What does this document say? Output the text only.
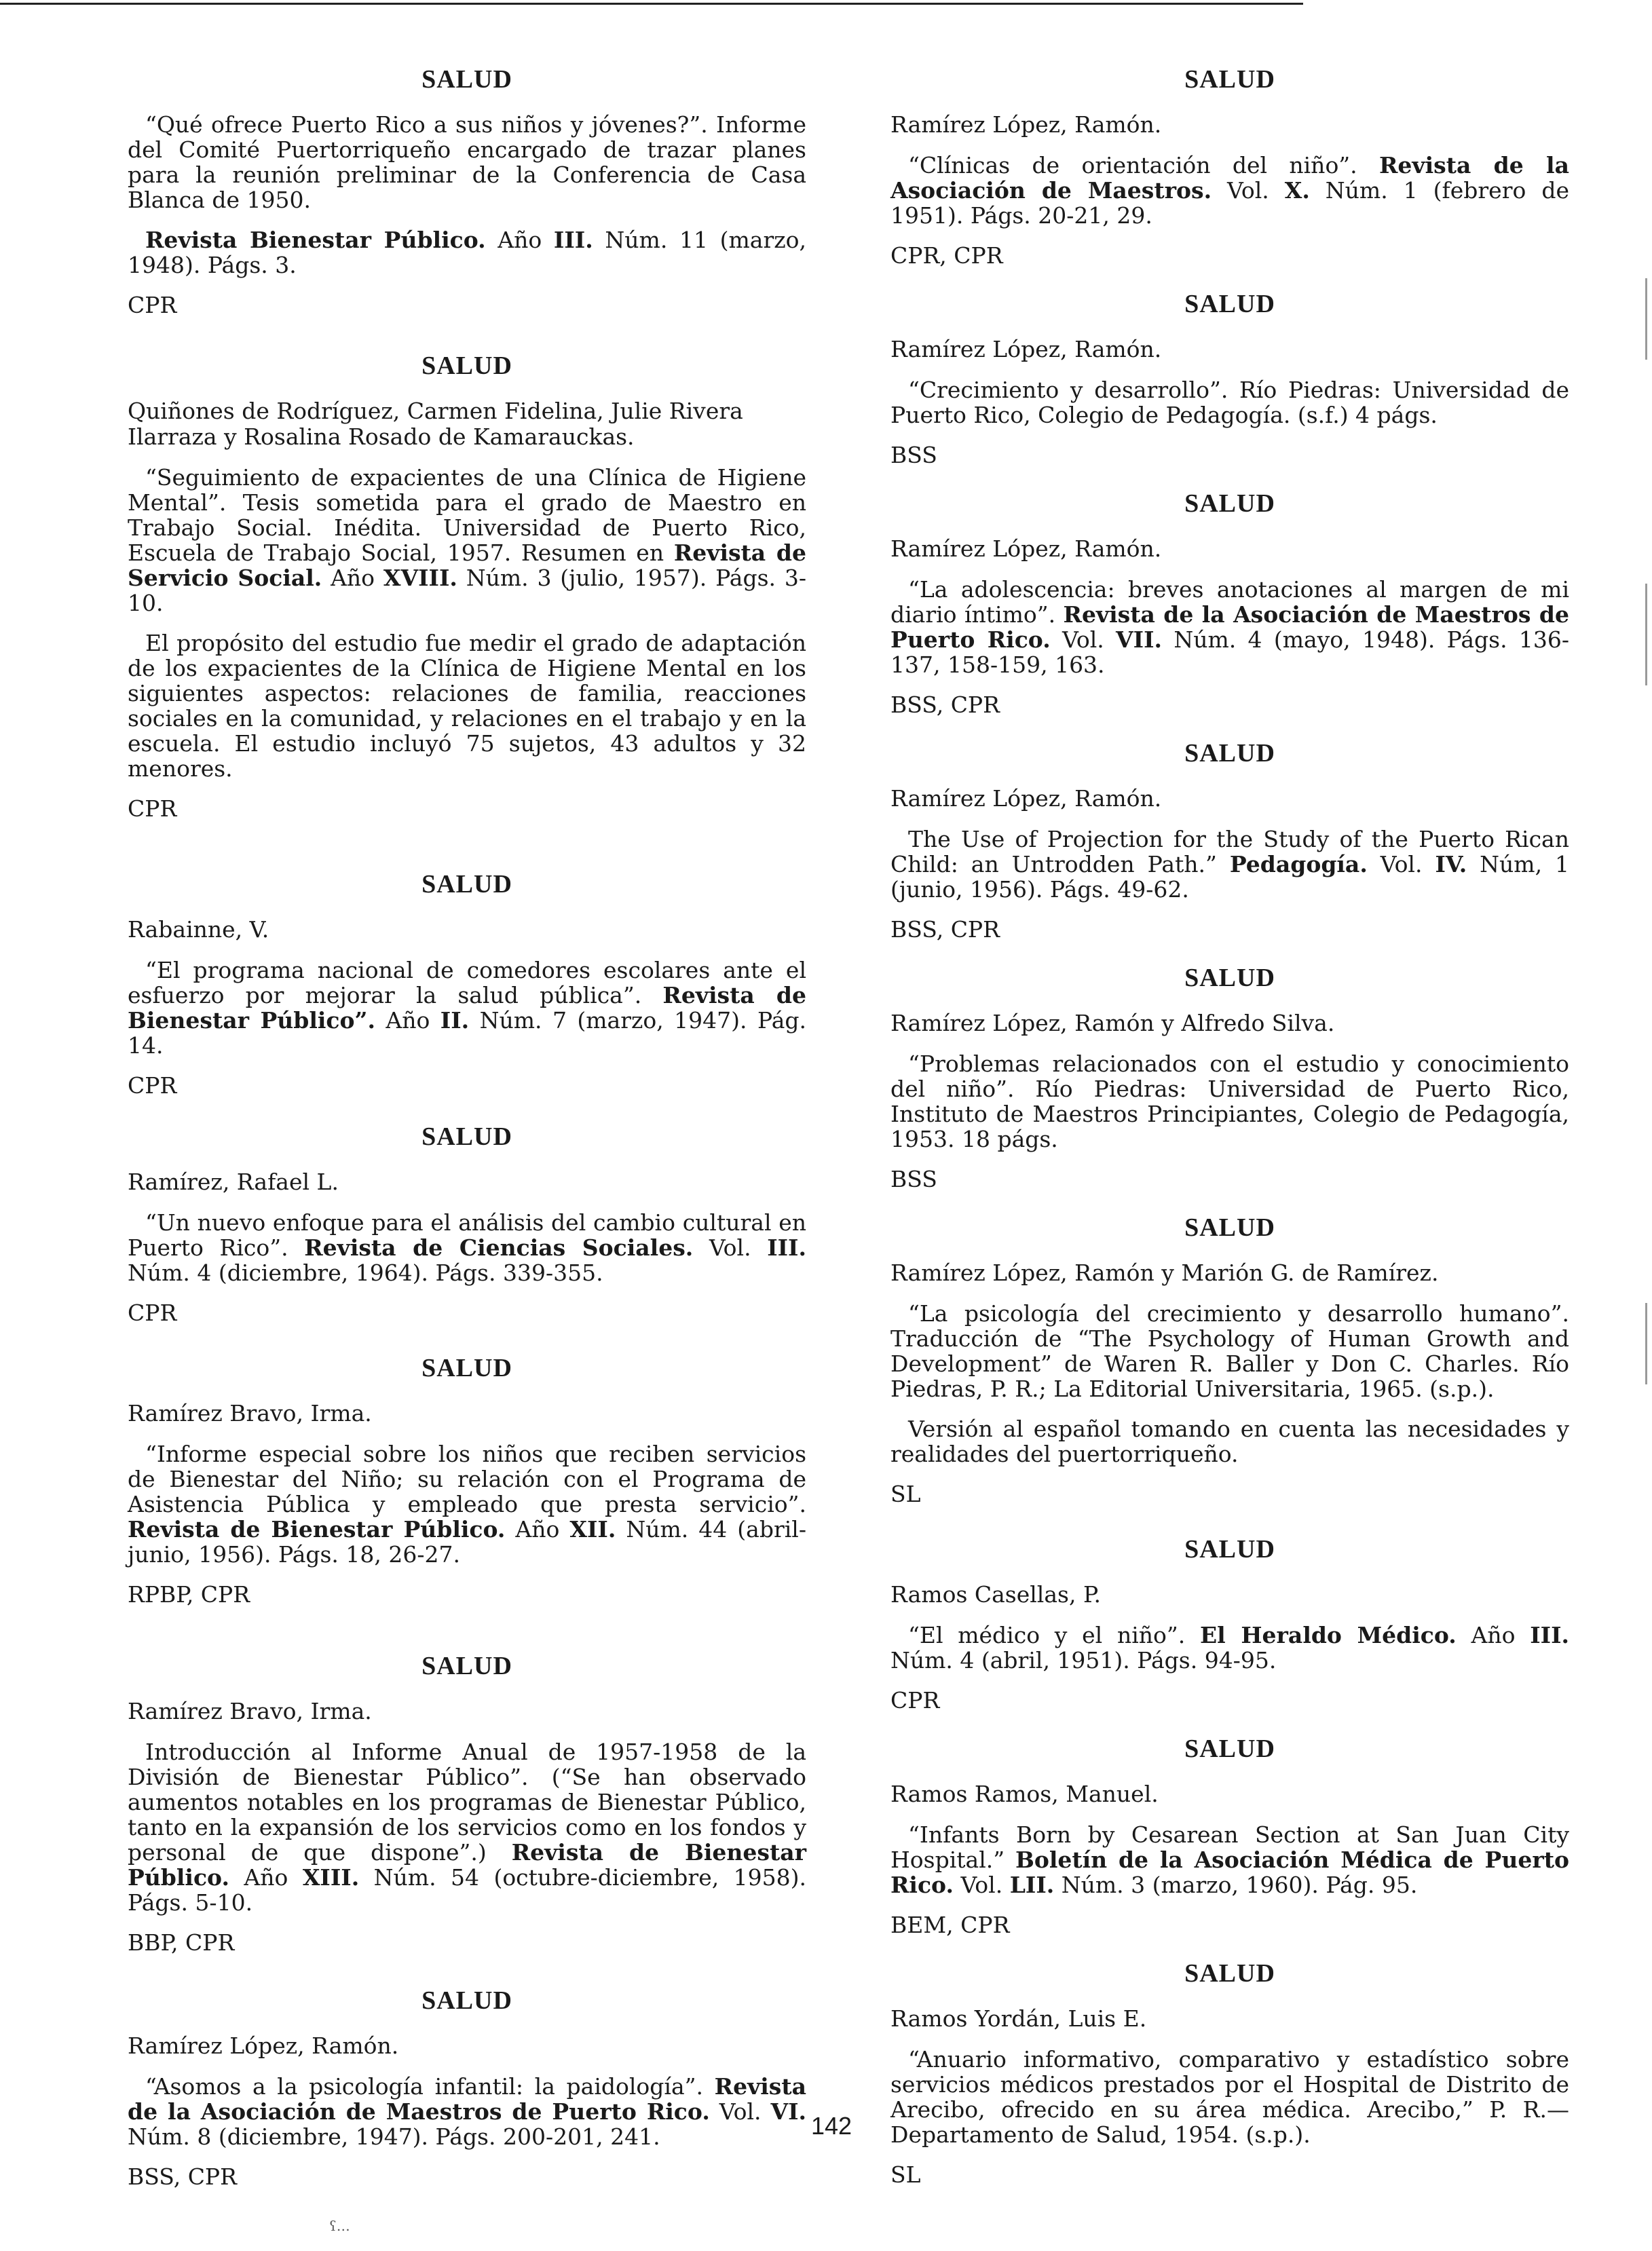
SALUD
“Qué ofrece Puerto Rico a sus niños y jóvenes?”. Informe del Comité Puertorriqueño encargado de trazar planes para la reunión preliminar de la Conferencia de Casa Blanca de 1950.
Revista Bienestar Público. Año III. Núm. 11 (marzo, 1948). Págs. 3.
CPR
SALUD
Quiñones de Rodríguez, Carmen Fidelina, Julie Rivera Ilarraza y Rosalina Rosado de Kamarauckas.
“Seguimiento de expacientes de una Clínica de Higiene Mental”. Tesis sometida para el grado de Maestro en Trabajo Social. Inédita. Universidad de Puerto Rico, Escuela de Trabajo Social, 1957. Resumen en Revista de Servicio Social. Año XVIII. Núm. 3 (julio, 1957). Págs. 3-10.
El propósito del estudio fue medir el grado de adaptación de los expacientes de la Clínica de Higiene Mental en los siguientes aspectos: relaciones de familia, reacciones sociales en la comunidad, y relaciones en el trabajo y en la escuela. El estudio incluyó 75 sujetos, 43 adultos y 32 menores.
CPR
SALUD
Rabainne, V.
“El programa nacional de comedores escolares ante el esfuerzo por mejorar la salud pública”. Revista de Bienestar Público”. Año II. Núm. 7 (marzo, 1947). Pág. 14.
CPR
SALUD
Ramírez, Rafael L.
“Un nuevo enfoque para el análisis del cambio cultural en Puerto Rico”. Revista de Ciencias Sociales. Vol. III. Núm. 4 (diciembre, 1964). Págs. 339-355.
CPR
SALUD
Ramírez Bravo, Irma.
“Informe especial sobre los niños que reciben servicios de Bienestar del Niño; su relación con el Programa de Asistencia Pública y empleado que presta servicio”. Revista de Bienestar Público. Año XII. Núm. 44 (abril-junio, 1956). Págs. 18, 26-27.
RPBP, CPR
SALUD
Ramírez Bravo, Irma.
Introducción al Informe Anual de 1957-1958 de la División de Bienestar Público”. (“Se han observado aumentos notables en los programas de Bienestar Público, tanto en la expansión de los servicios como en los fondos y personal de que dispone”.) Revista de Bienestar Público. Año XIII. Núm. 54 (octubre-diciembre, 1958). Págs. 5-10.
BBP, CPR
SALUD
Ramírez López, Ramón.
“Asomos a la psicología infantil: la paidología”. Revista de la Asociación de Maestros de Puerto Rico. Vol. VI. Núm. 8 (diciembre, 1947). Págs. 200-201, 241.
BSS, CPR
SALUD
Ramírez López, Ramón.
“Clínicas de orientación del niño”. Revista de la Asociación de Maestros. Vol. X. Núm. 1 (febrero de 1951). Págs. 20-21, 29.
CPR, CPR
SALUD
Ramírez López, Ramón.
“Crecimiento y desarrollo”. Río Piedras: Universidad de Puerto Rico, Colegio de Pedagogía. (s.f.) 4 págs.
BSS
SALUD
Ramírez López, Ramón.
“La adolescencia: breves anotaciones al margen de mi diario íntimo”. Revista de la Asociación de Maestros de Puerto Rico. Vol. VII. Núm. 4 (mayo, 1948). Págs. 136-137, 158-159, 163.
BSS, CPR
SALUD
Ramírez López, Ramón.
The Use of Projection for the Study of the Puerto Rican Child: an Untrodden Path.” Pedagogía. Vol. IV. Núm, 1 (junio, 1956). Págs. 49-62.
BSS, CPR
SALUD
Ramírez López, Ramón y Alfredo Silva.
“Problemas relacionados con el estudio y conocimiento del niño”. Río Piedras: Universidad de Puerto Rico, Instituto de Maestros Principiantes, Colegio de Pedagogía, 1953. 18 págs.
BSS
SALUD
Ramírez López, Ramón y Marión G. de Ramírez.
“La psicología del crecimiento y desarrollo humano”. Traducción de “The Psychology of Human Growth and Development” de Waren R. Baller y Don C. Charles. Río Piedras, P. R.; La Editorial Universitaria, 1965. (s.p.).
Versión al español tomando en cuenta las necesidades y realidades del puertorriqueño.
SL
SALUD
Ramos Casellas, P.
“El médico y el niño”. El Heraldo Médico. Año III. Núm. 4 (abril, 1951). Págs. 94-95.
CPR
SALUD
Ramos Ramos, Manuel.
“Infants Born by Cesarean Section at San Juan City Hospital.” Boletín de la Asociación Médica de Puerto Rico. Vol. LII. Núm. 3 (marzo, 1960). Pág. 95.
BEM, CPR
SALUD
Ramos Yordán, Luis E.
“Anuario informativo, comparativo y estadístico sobre servicios médicos prestados por el Hospital de Distrito de Arecibo, ofrecido en su área médica. Arecibo,” P. R.—Departamento de Salud, 1954. (s.p.).
SL
142
ʕ…
